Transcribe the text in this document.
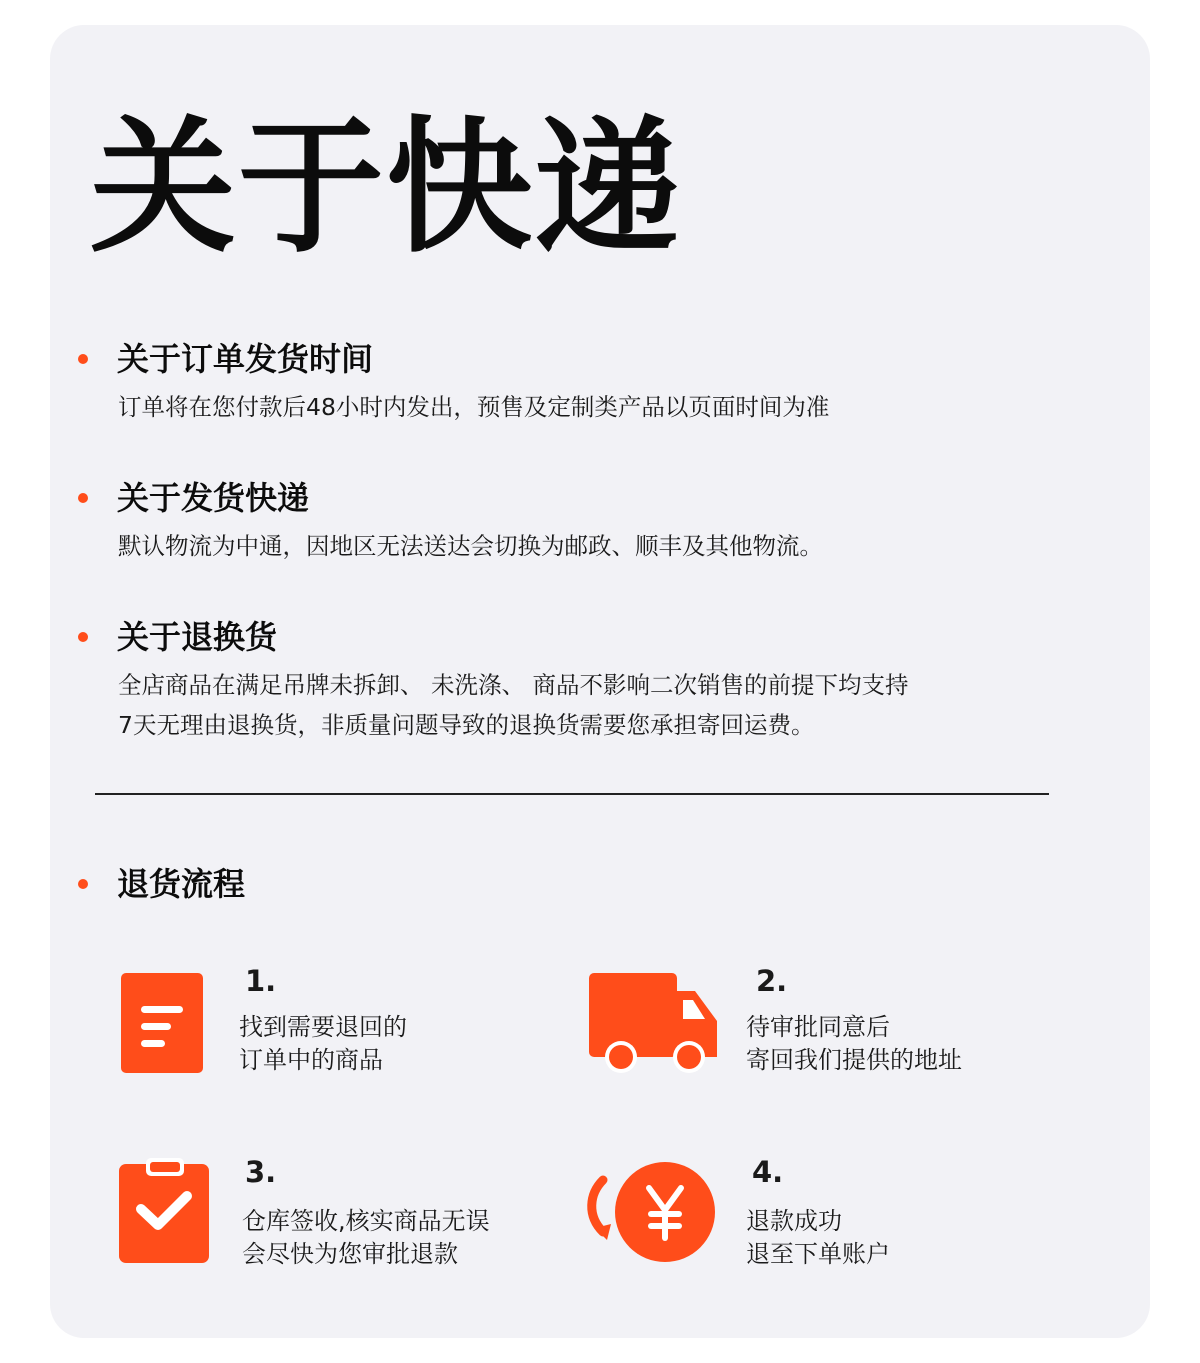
关于快递
关于订单发货时间

订单将在您付款后48小时内发出，预售及定制类产品以页面时间为准

关于发货快递

默认物流为中通，因地区无法送达会切换为邮政、顺丰及其他物流。

关于退换货

全店商品在满足吊牌未拆卸、 未洗涤、 商品不影响二次销售的前提下均支持

7天无理由退换货，非质量问题导致的退换货需要您承担寄回运费。

退货流程

1.

找到需要退回的

订单中的商品

2.

待审批同意后

寄回我们提供的地址

3.

仓库签收,核实商品无误

会尽快为您审批退款

4.

退款成功

退至下单账户
